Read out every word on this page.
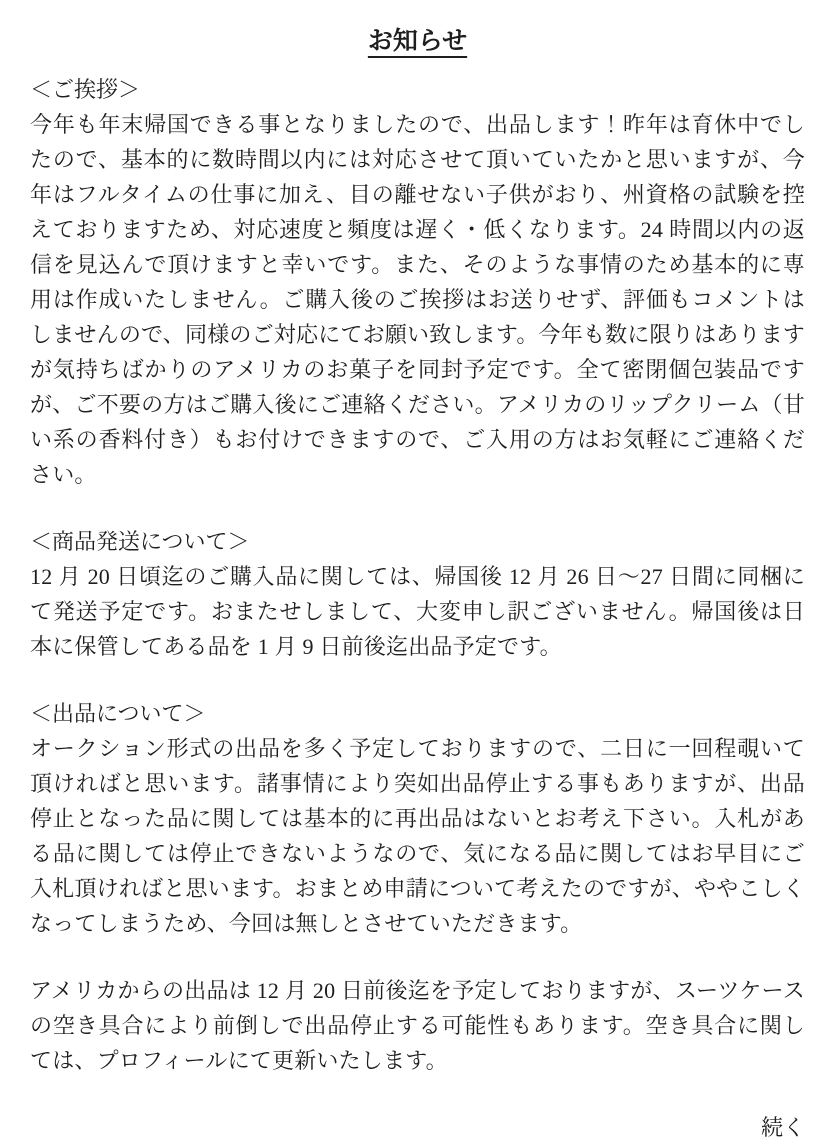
お知らせ
＜ご挨拶＞

今年も年末帰国できる事となりましたので、出品します！昨年は育休中でしたので、基本的に数時間以内には対応させて頂いていたかと思いますが、今年はフルタイムの仕事に加え、目の離せない子供がおり、州資格の試験を控えておりますため、対応速度と頻度は遅く・低くなります。24 時間以内の返信を見込んで頂けますと幸いです。また、そのような事情のため基本的に専用は作成いたしません。ご購入後のご挨拶はお送りせず、評価もコメントはしませんので、同様のご対応にてお願い致します。今年も数に限りはありますが気持ちばかりのアメリカのお菓子を同封予定です。全て密閉個包装品ですが、ご不要の方はご購入後にご連絡ください。アメリカのリップクリーム（甘い系の香料付き）もお付けできますので、ご入用の方はお気軽にご連絡ください。

＜商品発送について＞

12 月 20 日頃迄のご購入品に関しては、帰国後 12 月 26 日～27 日間に同梱にて発送予定です。おまたせしまして、大変申し訳ございません。帰国後は日本に保管してある品を 1 月 9 日前後迄出品予定です。

＜出品について＞

オークション形式の出品を多く予定しておりますので、二日に一回程覗いて頂ければと思います。諸事情により突如出品停止する事もありますが、出品停止となった品に関しては基本的に再出品はないとお考え下さい。入札がある品に関しては停止できないようなので、気になる品に関してはお早目にご入札頂ければと思います。おまとめ申請について考えたのですが、ややこしくなってしまうため、今回は無しとさせていただきます。

アメリカからの出品は 12 月 20 日前後迄を予定しておりますが、スーツケースの空き具合により前倒しで出品停止する可能性もあります。空き具合に関しては、プロフィールにて更新いたします。

続く
